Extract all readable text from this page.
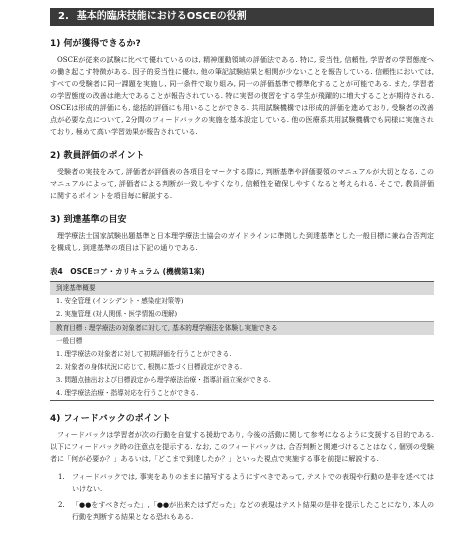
2. 基本的臨床技能におけるOSCEの役割
1) 何が獲得できるか?

OSCEが従来の試験に比べて優れているのは, 精神運動領域の評価法である. 特に, 妥当性, 信頼性, 学習者の学習態度への働き起こす特徴がある. 因子的妥当性に優れ, 他の筆記試験結果と相関が少ないことを報告している. 信頼性においては, すべての受験者に同一課題を実施し, 同一条件で取り組み, 同一の評価基準で標準化することが可能である. また, 学習者の学習態度の改善は絶大であることが報告されている. 特に実習の復習をする学生が飛躍的に増大することが期待される. OSCEは形成的評価にも, 総括的評価にも用いることができる. 共用試験機構では形成的評価を進めており, 受験者の改善点が必要な点について, 2分間のフィードバックの実施を基本設定している. 他の医療系共用試験機構でも同様に実施されており, 極めて高い学習効果が報告されている.

2) 教員評価のポイント

受験者の実技をみて, 評価者が評価表の各項目をマークする際に, 判断基準や評価要領のマニュアルが大切となる. このマニュアルによって, 評価者による判断が一致しやすくなり, 信頼性を確保しやすくなると考えられる. そこで, 教員評価に関するポイントを項目毎に解説する.

3) 到達基準の目安

理学療法士国家試験出題基準と日本理学療法士協会のガイドラインに準拠した到達基準とした一般目標に兼ね合否判定を構成し, 到達基準の項目は下記の通りである.

表4　OSCEコア・カリキュラム (機構第1案)
到達基準概要
1. 安全管理 (インシデント・感染症対策等)
2. 実施管理 (対人関係・医学情報の理解)
教育目標 : 理学療法の対象者に対して, 基本的理学療法を体験し実施できる
一般目標
1. 理学療法の対象者に対して初期評価を行うことができる.
2. 対象者の身体状況に応じて, 根拠に基づく目標設定ができる.
3. 問題点抽出および目標設定から理学療法治療・指導計画立案ができる.
4. 理学療法治療・指導対応を行うことができる.
4) フィードバックのポイント

フィードバックは学習者が次の行動を自覚する援助であり, 今後の活動に関して参考になるように支援する目的である. 以下にフィードバック時の注意点を提示する. なお, このフィードバックは, 合否判断と関連づけることはなく, 個別の受験者に「何が必要か？」あるいは,「どこまで到達したか？」といった視点で実施する事を前提に解説する.

1. フィードバックでは, 事実をありのままに描写するようにすべきであって, テストでの表現や行動の是非を述べてはいけない.
2. 「●●をすべきだった」,「●●が出来たはずだった」などの表現はテスト結果の是非を提示したことになり, 本人の行動を判断する結果となる恐れもある.
